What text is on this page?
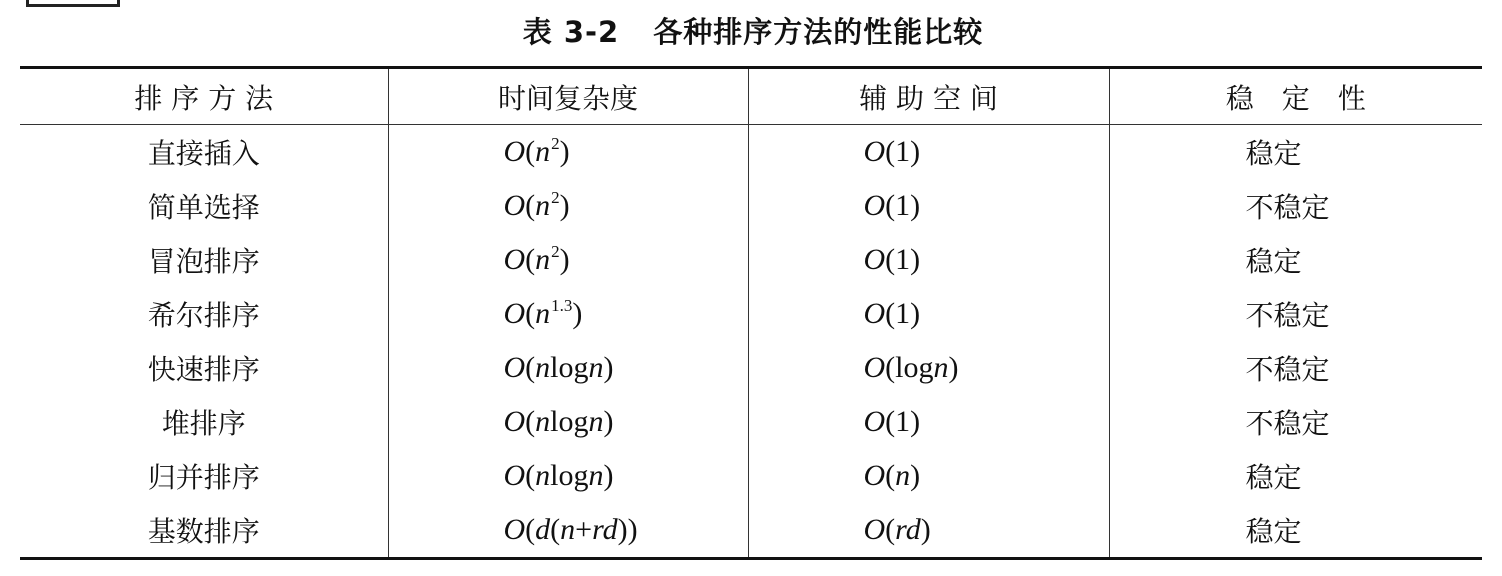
表 3-2 各种排序方法的性能比较
排 序 方 法	时间复杂度	辅 助 空 间	稳　定　性
直接插入	$O(n^2)$	O(1)	稳定
简单选择	$O(n^2)$	O(1)	不稳定
冒泡排序	$O(n^2)$	O(1)	稳定
希尔排序	$O(n^{1.3})$	O(1)	不稳定
快速排序	O(nlogn)	O(logn)	不稳定
堆排序	O(nlogn)	O(1)	不稳定
归并排序	O(nlogn)	O(n)	稳定
基数排序	O(d(n+rd))	O(rd)	稳定
